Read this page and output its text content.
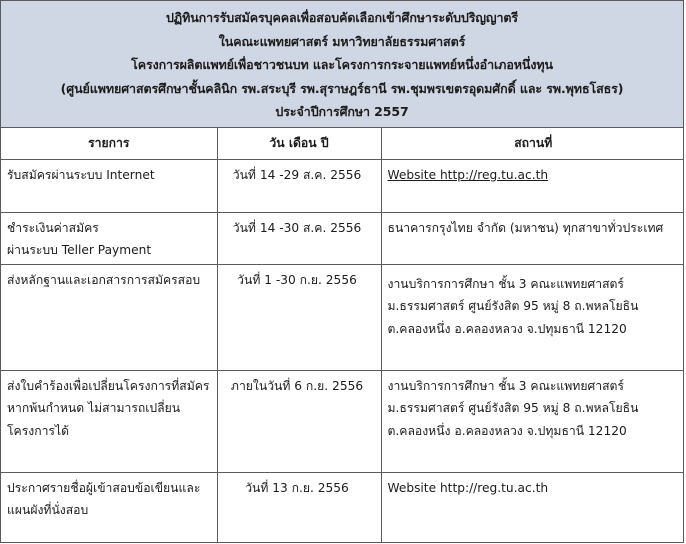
ปฏิทินการรับสมัครบุคคลเพื่อสอบคัดเลือกเข้าศึกษาระดับปริญญาตรี
ในคณะแพทยศาสตร์ มหาวิทยาลัยธรรมศาสตร์
โครงการผลิตแพทย์เพื่อชาวชนบท และโครงการกระจายแพทย์หนึ่งอำเภอหนึ่งทุน
(ศูนย์แพทยศาสตรศึกษาชั้นคลินิก รพ.สระบุรี รพ.สุราษฎร์ธานี รพ.ชุมพรเขตรอุดมศักดิ์ และ รพ.พุทธโสธร)
ประจำปีการศึกษา 2557
รายการ	วัน เดือน ปี	สถานที่

รับสมัครผ่านระบบ Internet	วันที่ 14 -29 ส.ค. 2556	Website http://reg.tu.ac.th

ชำระเงินค่าสมัคร
ผ่านระบบ Teller Payment	วันที่ 14 -30 ส.ค. 2556	ธนาคารกรุงไทย จำกัด (มหาชน) ทุกสาขาทั่วประเทศ

ส่งหลักฐานและเอกสารการสมัครสอบ	วันที่ 1 -30 ก.ย. 2556	งานบริการการศึกษา ชั้น 3 คณะแพทยศาสตร์
ม.ธรรมศาสตร์ ศูนย์รังสิต 95 หมู่ 8 ถ.พหลโยธิน
ต.คลองหนึ่ง อ.คลองหลวง จ.ปทุมธานี 12120

ส่งใบคำร้องเพื่อเปลี่ยนโครงการที่สมัคร
หากพ้นกำหนด ไม่สามารถเปลี่ยน
โครงการได้	ภายในวันที่ 6 ก.ย. 2556	งานบริการการศึกษา ชั้น 3 คณะแพทยศาสตร์
ม.ธรรมศาสตร์ ศูนย์รังสิต 95 หมู่ 8 ถ.พหลโยธิน
ต.คลองหนึ่ง อ.คลองหลวง จ.ปทุมธานี 12120

ประกาศรายชื่อผู้เข้าสอบข้อเขียนและ
แผนผังที่นั่งสอบ	วันที่ 13 ก.ย. 2556	Website http://reg.tu.ac.th
